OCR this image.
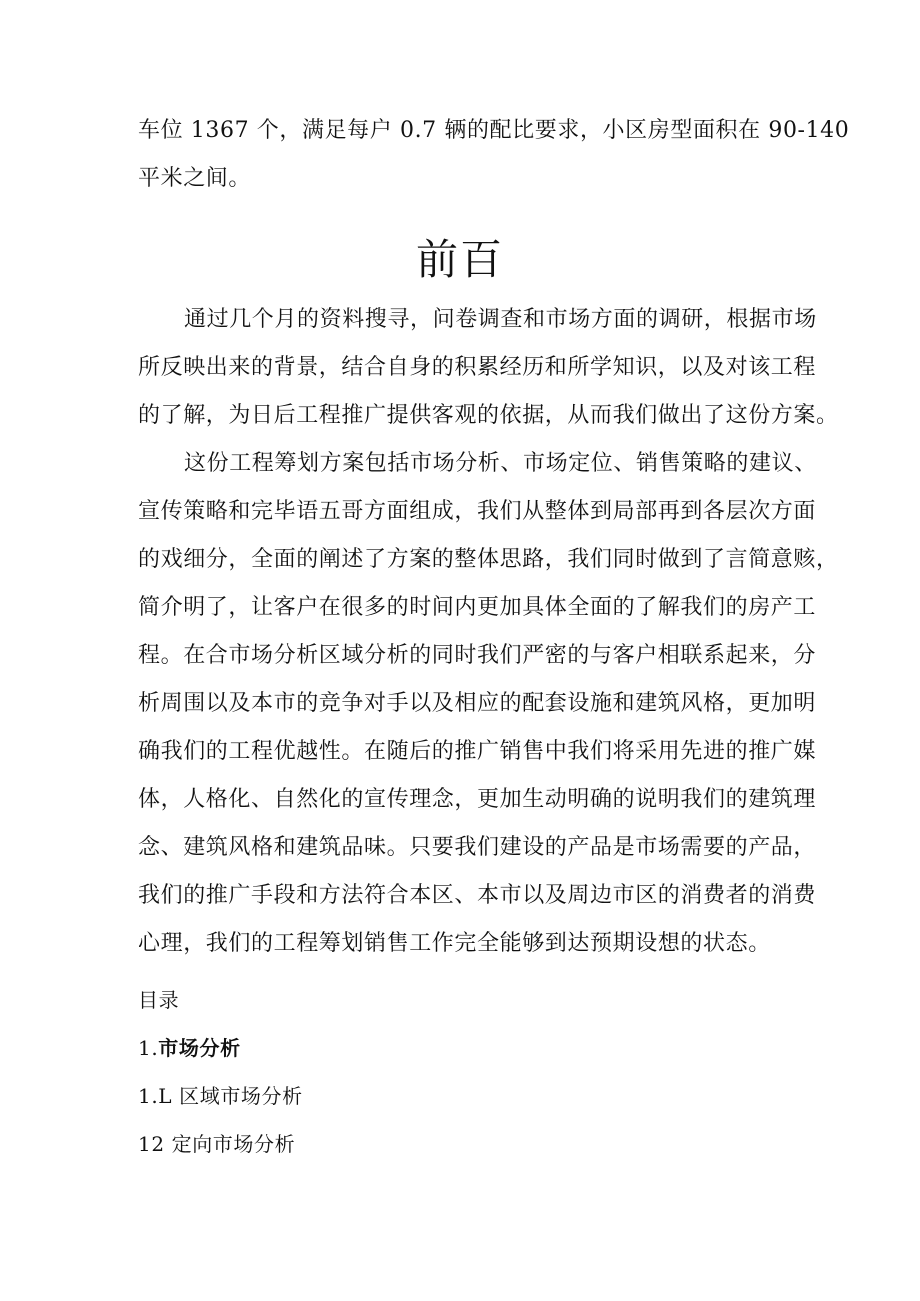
车位 1367 个，满足每户 0.7 辆的配比要求，小区房型面积在 90-140
平米之间。
前百
通过几个月的资料搜寻，问卷调查和市场方面的调研，根据市场
所反映出来的背景，结合自身的积累经历和所学知识，以及对该工程
的了解，为日后工程推广提供客观的依据，从而我们做出了这份方案。
这份工程筹划方案包括市场分析、市场定位、销售策略的建议、
宣传策略和完毕语五哥方面组成，我们从整体到局部再到各层次方面
的戏细分，全面的阐述了方案的整体思路，我们同时做到了言简意赅，
简介明了，让客户在很多的时间内更加具体全面的了解我们的房产工
程。在合市场分析区域分析的同时我们严密的与客户相联系起来，分
析周围以及本市的竞争对手以及相应的配套设施和建筑风格，更加明
确我们的工程优越性。在随后的推广销售中我们将采用先进的推广媒
体，人格化、自然化的宣传理念，更加生动明确的说明我们的建筑理
念、建筑风格和建筑品味。只要我们建设的产品是市场需要的产品，
我们的推广手段和方法符合本区、本市以及周边市区的消费者的消费
心理，我们的工程筹划销售工作完全能够到达预期设想的状态。
目录
1.市场分析
1.L 区域市场分析
12 定向市场分析
